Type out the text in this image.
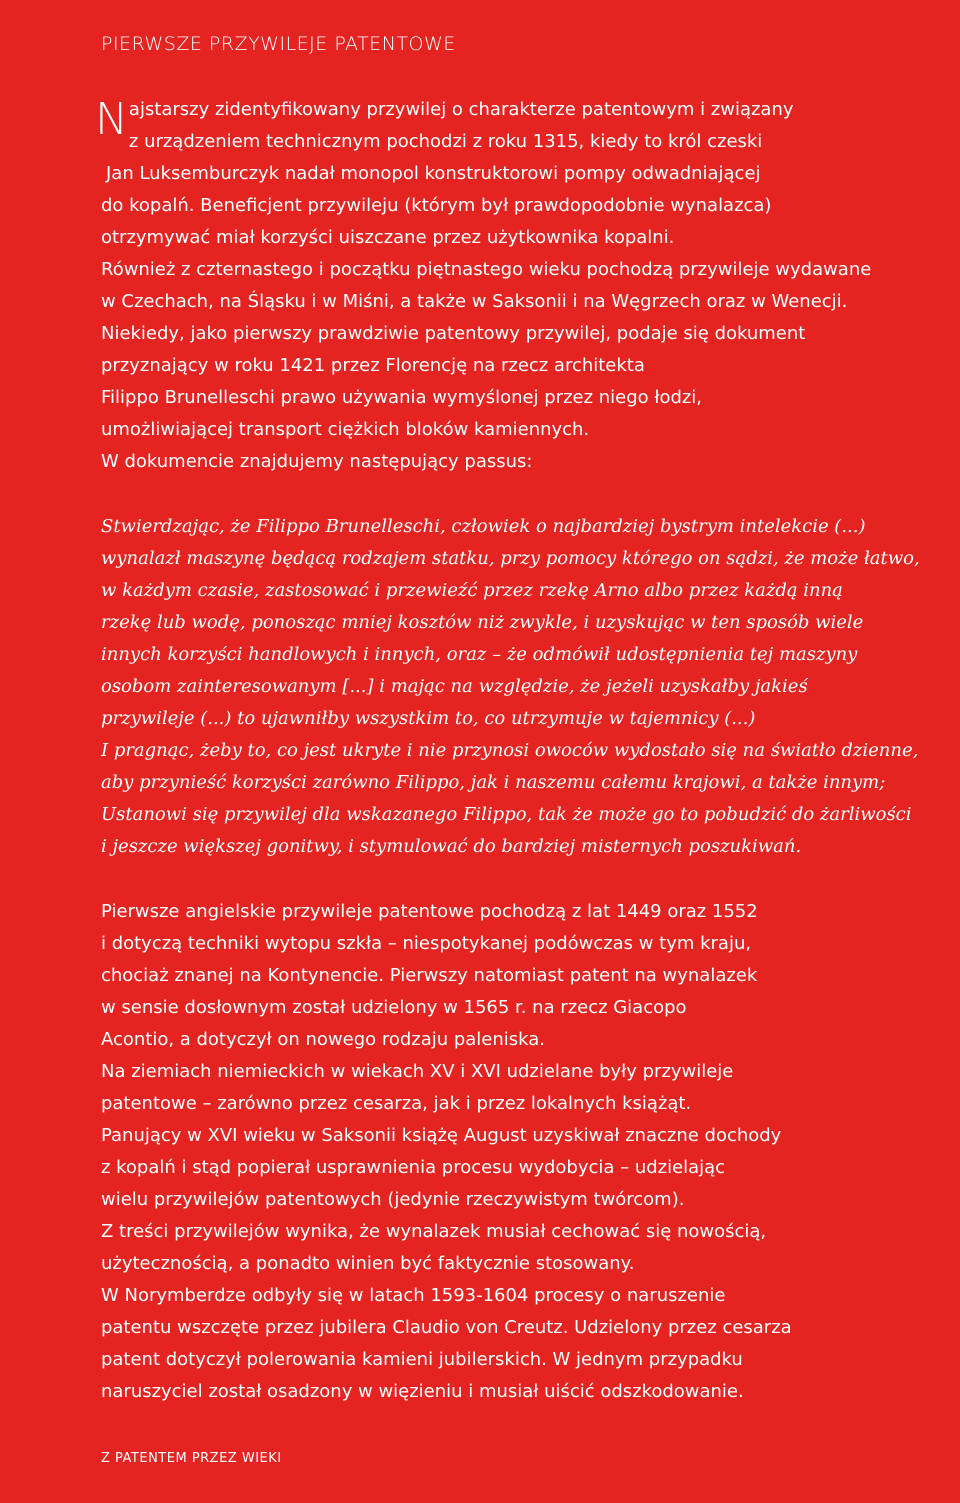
PIERWSZE PRZYWILEJE PATENTOWE
Najstarszy zidentyfikowany przywilej o charakterze patentowym i związany
z urządzeniem technicznym pochodzi z roku 1315, kiedy to król czeski
Jan Luksemburczyk nadał monopol konstruktorowi pompy odwadniającej
do kopalń. Beneficjent przywileju (którym był prawdopodobnie wynalazca)
otrzymywać miał korzyści uiszczane przez użytkownika kopalni.
Również z czternastego i początku piętnastego wieku pochodzą przywileje wydawane
w Czechach, na Śląsku i w Miśni, a także w Saksonii i na Węgrzech oraz w Wenecji.
Niekiedy, jako pierwszy prawdziwie patentowy przywilej, podaje się dokument
przyznający w roku 1421 przez Florencję na rzecz architekta
Filippo Brunelleschi prawo używania wymyślonej przez niego łodzi,
umożliwiającej transport ciężkich bloków kamiennych.
W dokumencie znajdujemy następujący passus:
Stwierdzając, że Filippo Brunelleschi, człowiek o najbardziej bystrym intelekcie (...)
wynalazł maszynę będącą rodzajem statku, przy pomocy którego on sądzi, że może łatwo,
w każdym czasie, zastosować i przewieźć przez rzekę Arno albo przez każdą inną
rzekę lub wodę, ponosząc mniej kosztów niż zwykle, i uzyskując w ten sposób wiele
innych korzyści handlowych i innych, oraz – że odmówił udostępnienia tej maszyny
osobom zainteresowanym [...] i mając na względzie, że jeżeli uzyskałby jakieś
przywileje (...) to ujawniłby wszystkim to, co utrzymuje w tajemnicy (...)
I pragnąc, żeby to, co jest ukryte i nie przynosi owoców wydostało się na światło dzienne,
aby przynieść korzyści zarówno Filippo, jak i naszemu całemu krajowi, a także innym;
Ustanowi się przywilej dla wskazanego Filippo, tak że może go to pobudzić do żarliwości
i jeszcze większej gonitwy, i stymulować do bardziej misternych poszukiwań.
Pierwsze angielskie przywileje patentowe pochodzą z lat 1449 oraz 1552
i dotyczą techniki wytopu szkła – niespotykanej podówczas w tym kraju,
chociaż znanej na Kontynencie. Pierwszy natomiast patent na wynalazek
w sensie dosłownym został udzielony w 1565 r. na rzecz Giacopo
Acontio, a dotyczył on nowego rodzaju paleniska.
Na ziemiach niemieckich w wiekach XV i XVI udzielane były przywileje
patentowe – zarówno przez cesarza, jak i przez lokalnych książąt.
Panujący w XVI wieku w Saksonii książę August uzyskiwał znaczne dochody
z kopalń i stąd popierał usprawnienia procesu wydobycia – udzielając
wielu przywilejów patentowych (jedynie rzeczywistym twórcom).
Z treści przywilejów wynika, że wynalazek musiał cechować się nowością,
użytecznością, a ponadto winien być faktycznie stosowany.
W Norymberdze odbyły się w latach 1593-1604 procesy o naruszenie
patentu wszczęte przez jubilera Claudio von Creutz. Udzielony przez cesarza
patent dotyczył polerowania kamieni jubilerskich. W jednym przypadku
naruszyciel został osadzony w więzieniu i musiał uiścić odszkodowanie.
Z PATENTEM PRZEZ WIEKI
